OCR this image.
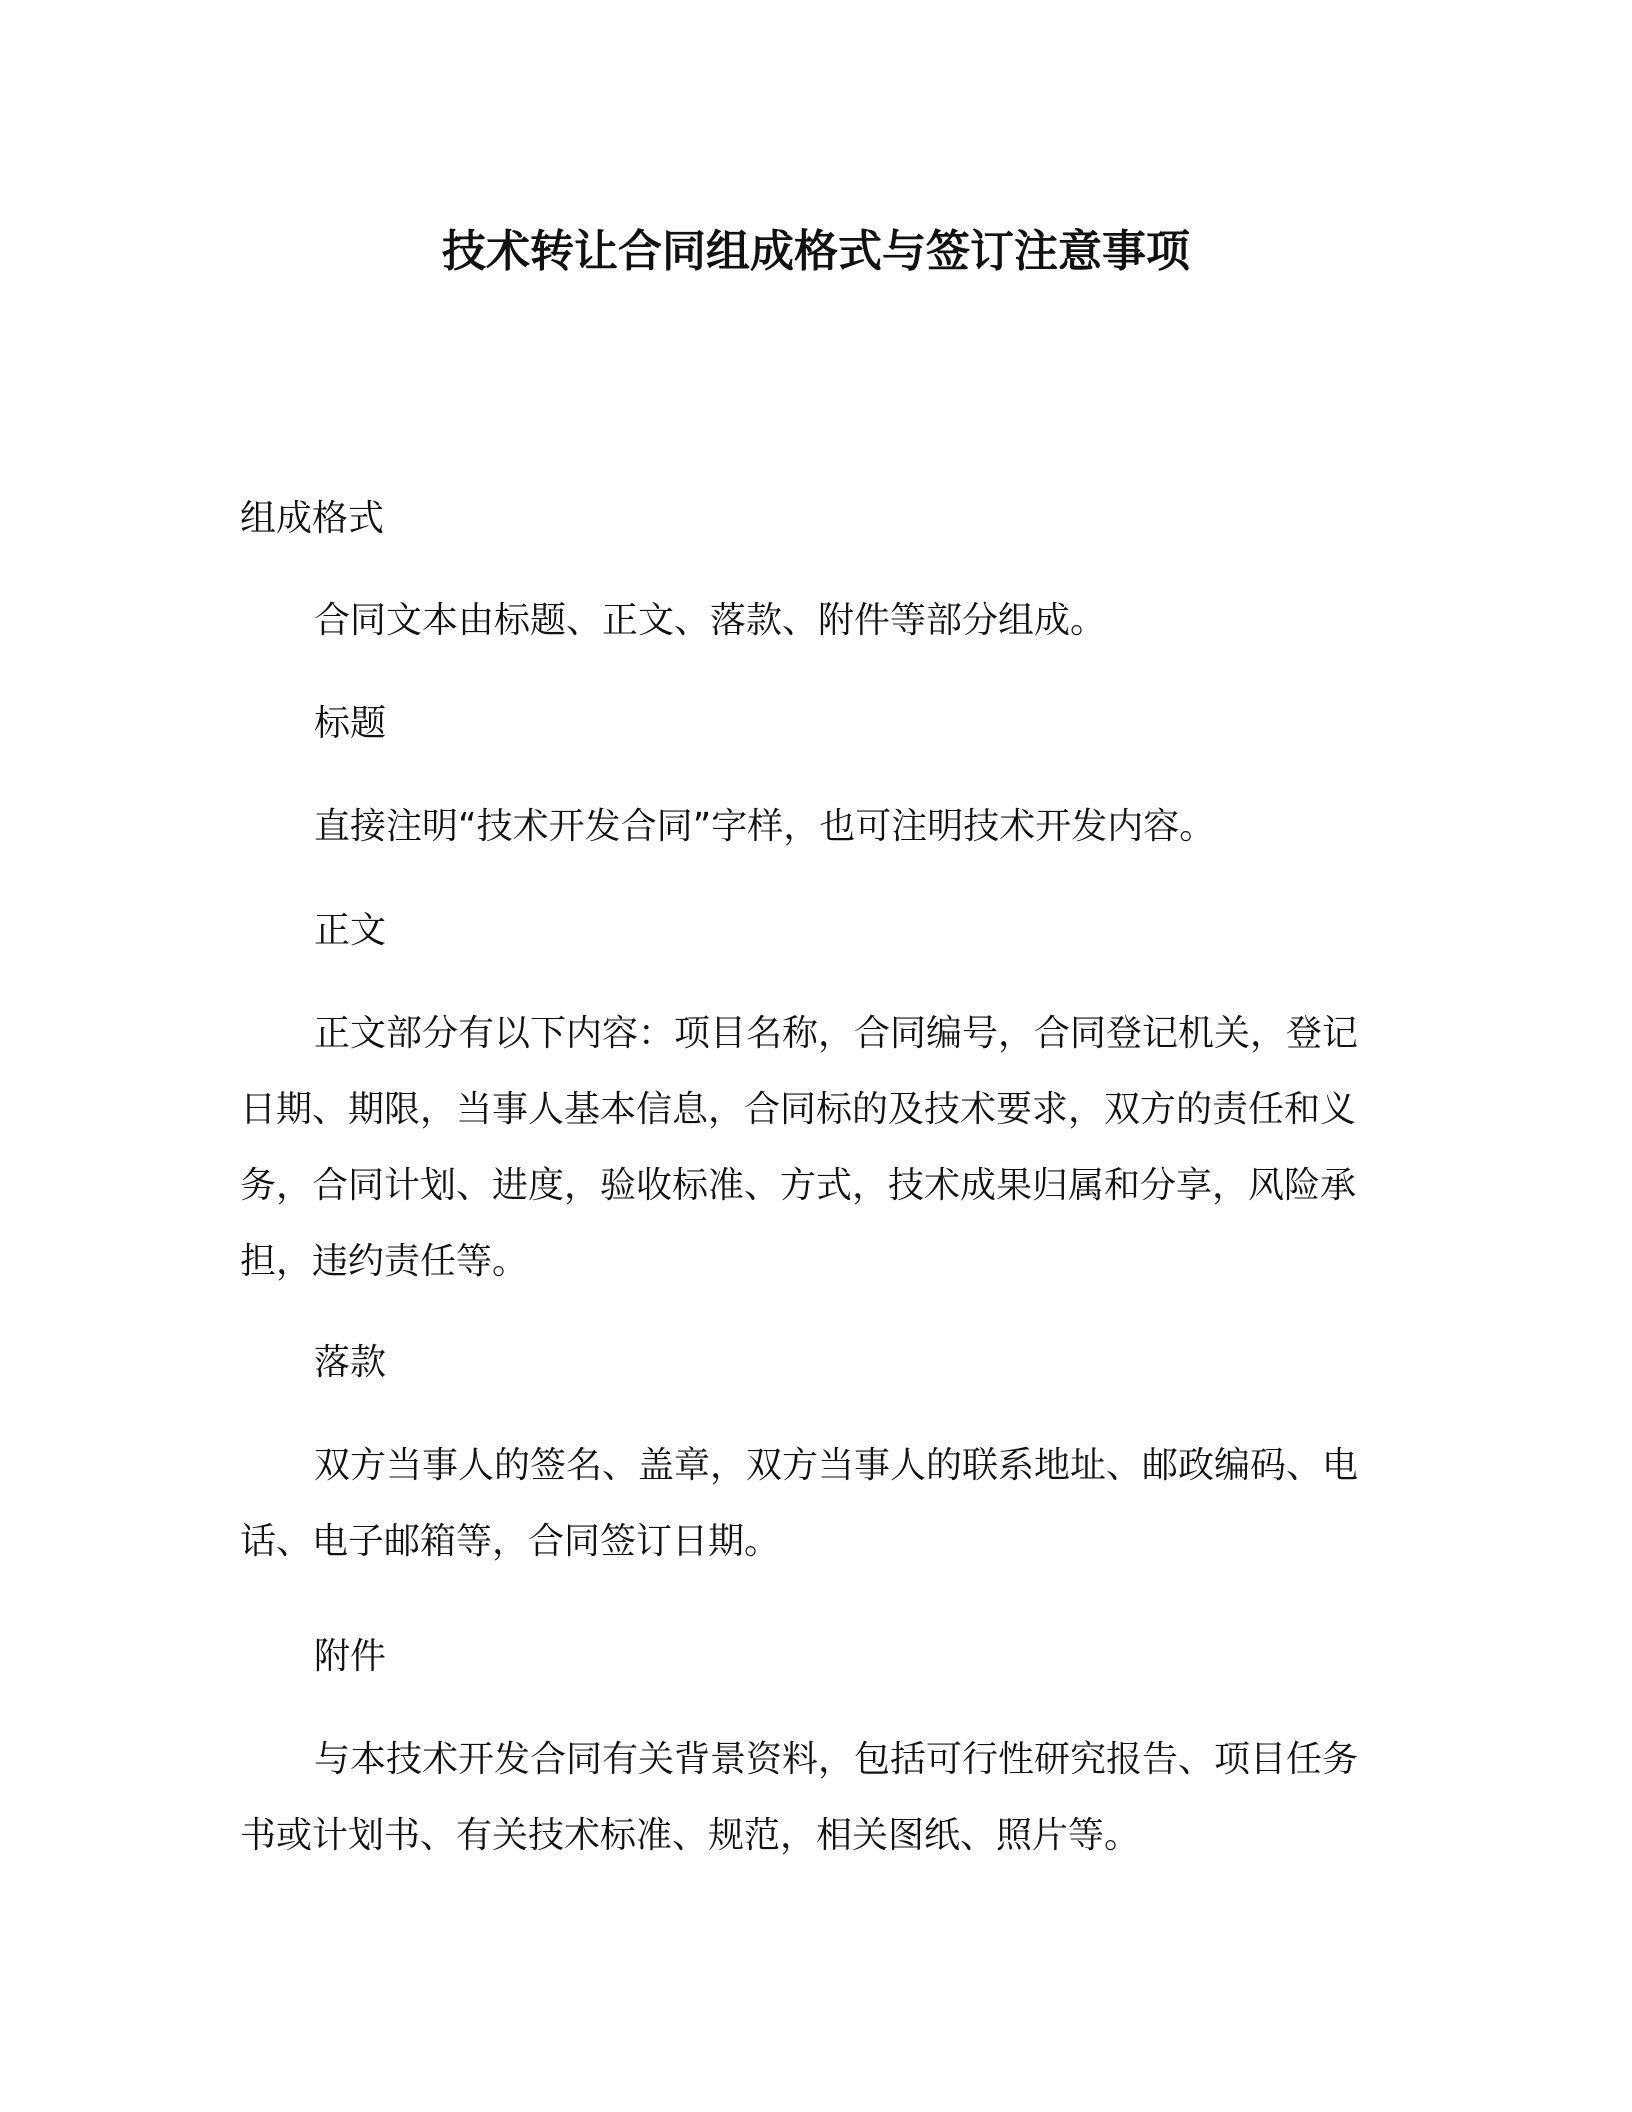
技术转让合同组成格式与签订注意事项
组成格式
合同文本由标题、正文、落款、附件等部分组成。
标题
直接注明“技术开发合同”字样，也可注明技术开发内容。
正文

正文部分有以下内容：项目名称，合同编号，合同登记机关，登记日期、期限，当事人基本信息，合同标的及技术要求，双方的责任和义务，合同计划、进度，验收标准、方式，技术成果归属和分享，风险承担，违约责任等。

落款

双方当事人的签名、盖章，双方当事人的联系地址、邮政编码、电话、电子邮箱等，合同签订日期。

附件

与本技术开发合同有关背景资料，包括可行性研究报告、项目任务书或计划书、有关技术标准、规范，相关图纸、照片等。
